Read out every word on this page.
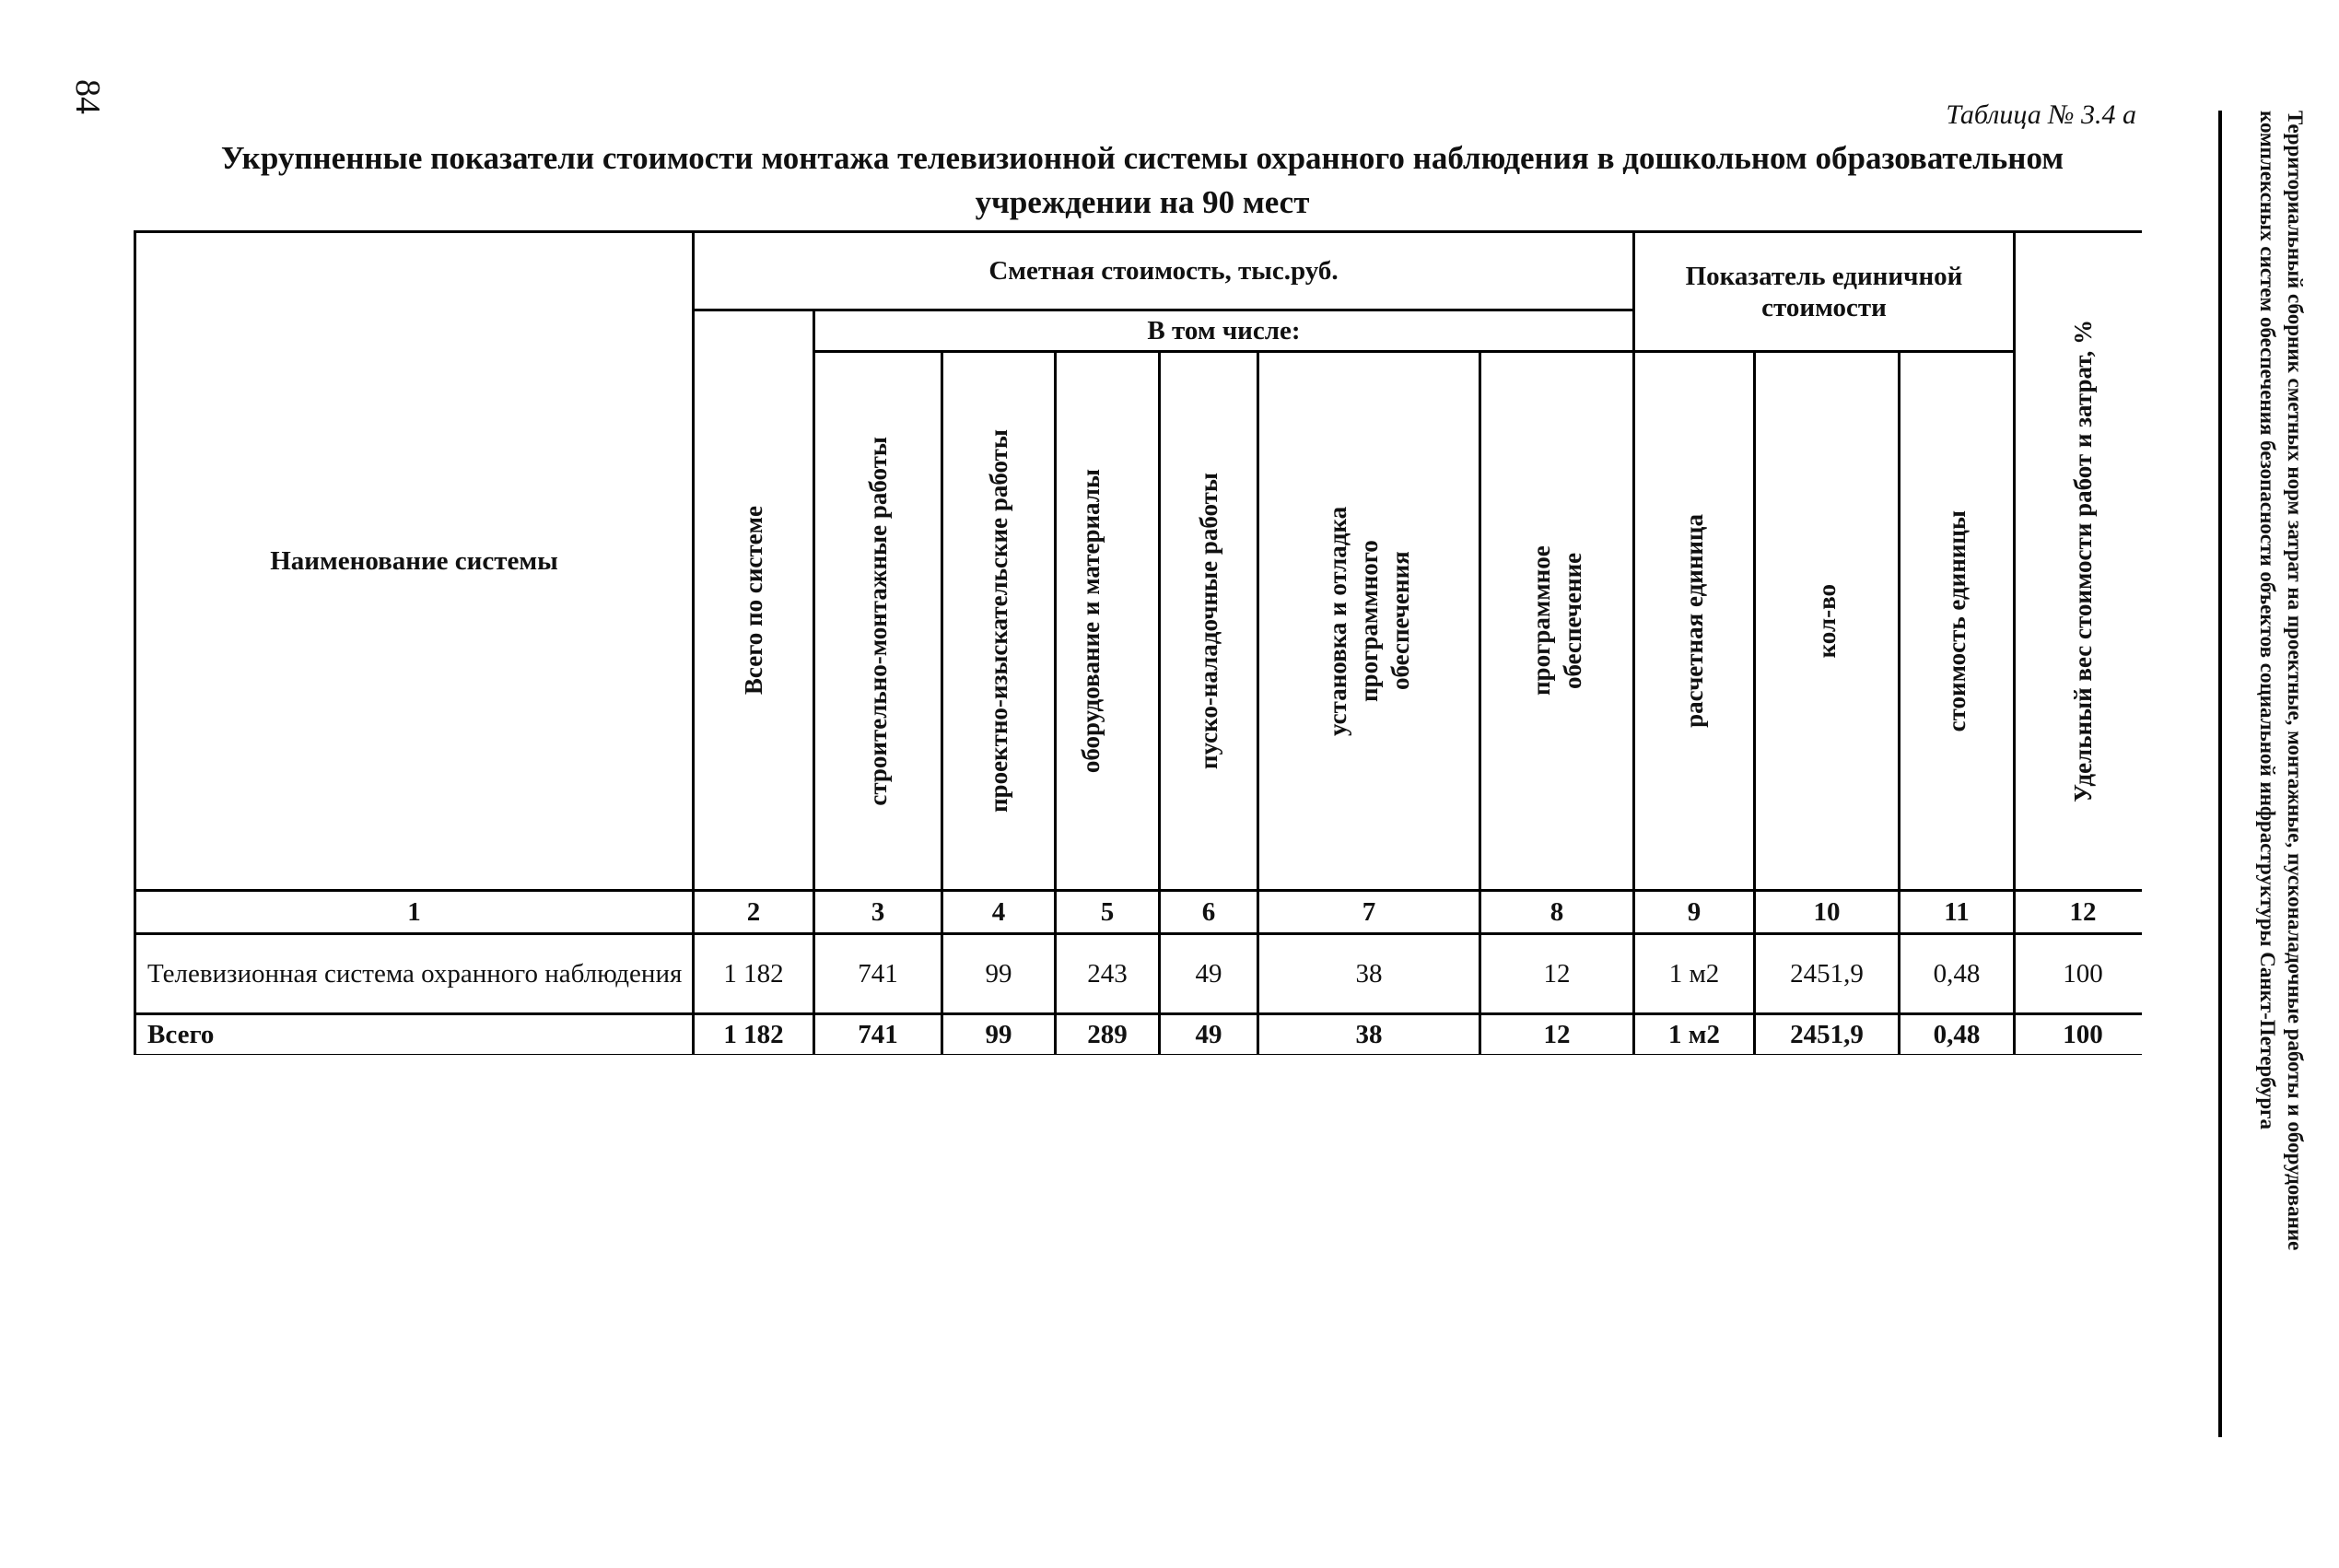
84
Таблица № 3.4 а
Укрупненные показатели стоимости монтажа телевизионной системы охранного наблюдения в дошкольном образовательном учреждении на 90 мест	Территориальный сборник сметных норм затрат на проектные, монтажные, пусконаладочные работы и оборудование
комплексных систем обеспечения безопасности объектов социальной инфраструктуры Санкт-Петербурга
Наименование системы
Сметная стоимость, тыс.руб.	Показатель единичной стоимости
Удельный вес стоимости работ и затрат, %
Всего по системе
В том числе:
строительно-монтажные работы	проектно-изыскательские работы	оборудование и материалы	пуско-наладочные работы	установка и отладка программного обеспечения	программное обеспечение	расчетная единица	кол-во	стоимость единицы
1	2	3	4	5	6	7	8	9	10	11	12
Телевизионная система охранного наблюдения	1 182	741	99	243	49	38	12	1 м2	2451,9	0,48	100
Всего	1 182	741	99	289	49	38	12	1 м2	2451,9	0,48	100
